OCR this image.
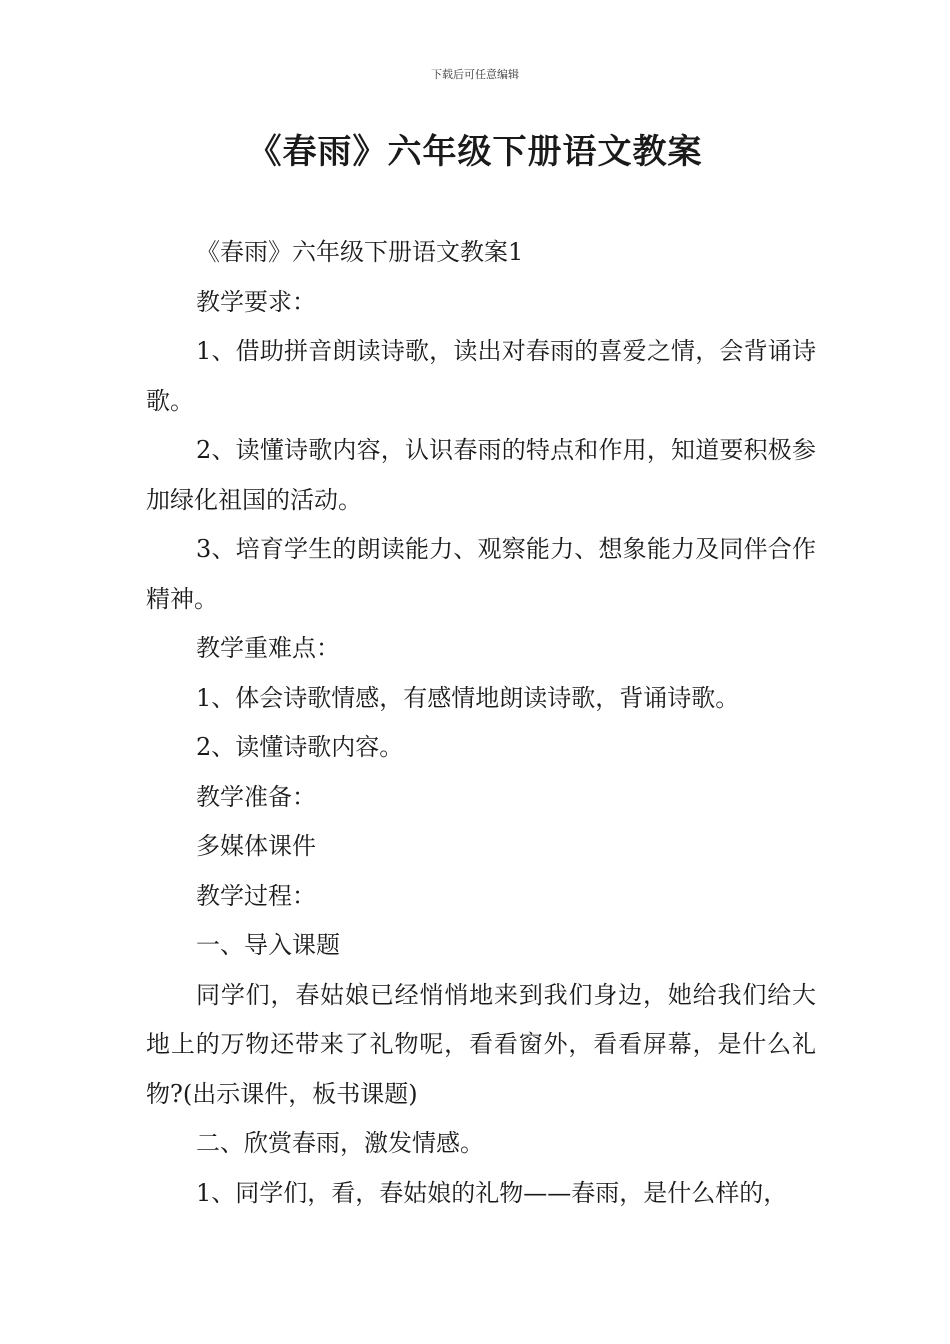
下载后可任意编辑
《春雨》六年级下册语文教案

《春雨》六年级下册语文教案1

教学要求：

1、借助拼音朗读诗歌，读出对春雨的喜爱之情，会背诵诗歌。

2、读懂诗歌内容，认识春雨的特点和作用，知道要积极参加绿化祖国的活动。

3、培育学生的朗读能力、观察能力、想象能力及同伴合作精神。

教学重难点：

1、体会诗歌情感，有感情地朗读诗歌，背诵诗歌。

2、读懂诗歌内容。

教学准备：

多媒体课件

教学过程：

一、导入课题

同学们，春姑娘已经悄悄地来到我们身边，她给我们给大地上的万物还带来了礼物呢，看看窗外，看看屏幕，是什么礼物?(出示课件，板书课题)

二、欣赏春雨，激发情感。

1、同学们，看，春姑娘的礼物——春雨，是什么样的，
